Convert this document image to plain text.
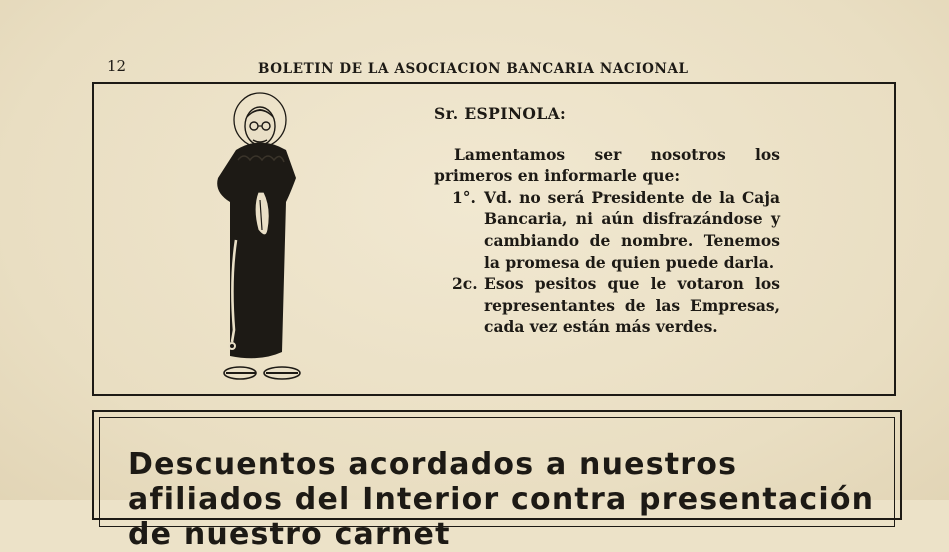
12	BOLETIN DE LA ASOCIACION BANCARIA NACIONAL
Sr. ESPINOLA:
Lamentamos ser nosotros los primeros en informarle que:
1°. Vd. no será Presidente de la Caja Bancaria, ni aún disfrazándose y cambiando de nombre. Tenemos la promesa de quien puede darla.
2c. Esos pesitos que le votaron los representantes de las Empresas, cada vez están más verdes.
Descuentos acordados a nuestros afiliados del Interior contra presentación de nuestro carnet
